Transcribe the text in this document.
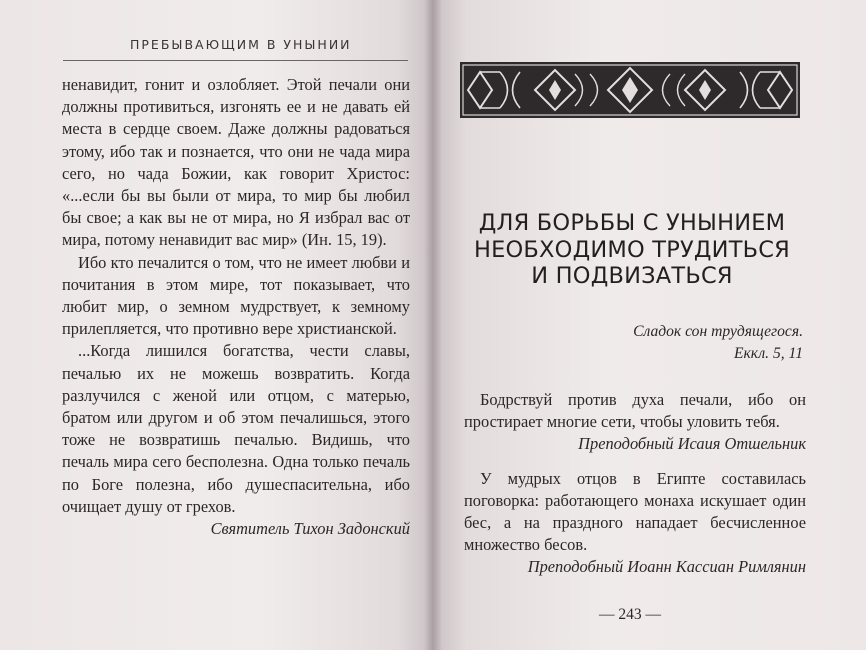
ПРЕБЫВАЮЩИМ В УНЫНИИ

ненавидит, гонит и озлобляет. Этой печали они должны противиться, изгонять ее и не давать ей места в сердце своем. Даже должны радоваться этому, ибо так и познается, что они не чада мира сего, но чада Божии, как говорит Христос: «...если бы вы были от мира, то мир бы любил бы свое; а как вы не от мира, но Я избрал вас от мира, потому ненавидит вас мир» (Ин. 15, 19).

Ибо кто печалится о том, что не имеет любви и почитания в этом мире, тот показывает, что любит мир, о земном мудрствует, к земному прилепляется, что противно вере христианской.

...Когда лишился богатства, чести славы, печалью их не можешь возвратить. Когда разлучился с женой или отцом, с матерью, братом или другом и об этом печалишься, этого тоже не возвратишь печалью. Видишь, что печаль мира сего бесполезна. Одна только печаль по Боге полезна, ибо душеспасительна, ибо очищает душу от грехов.

Святитель Тихон Задонский
ДЛЯ БОРЬБЫ С УНЫНИЕМ НЕОБХОДИМО ТРУДИТЬСЯ И ПОДВИЗАТЬСЯ
Сладок сон трудящегося.
Еккл. 5, 11

Бодрствуй против духа печали, ибо он простирает многие сети, чтобы уловить тебя.

Преподобный Исаия Отшельник

У мудрых отцов в Египте составилась поговорка: работающего монаха искушает один бес, а на праздного нападает бесчисленное множество бесов.

Преподобный Иоанн Кассиан Римлянин
— 243 —
